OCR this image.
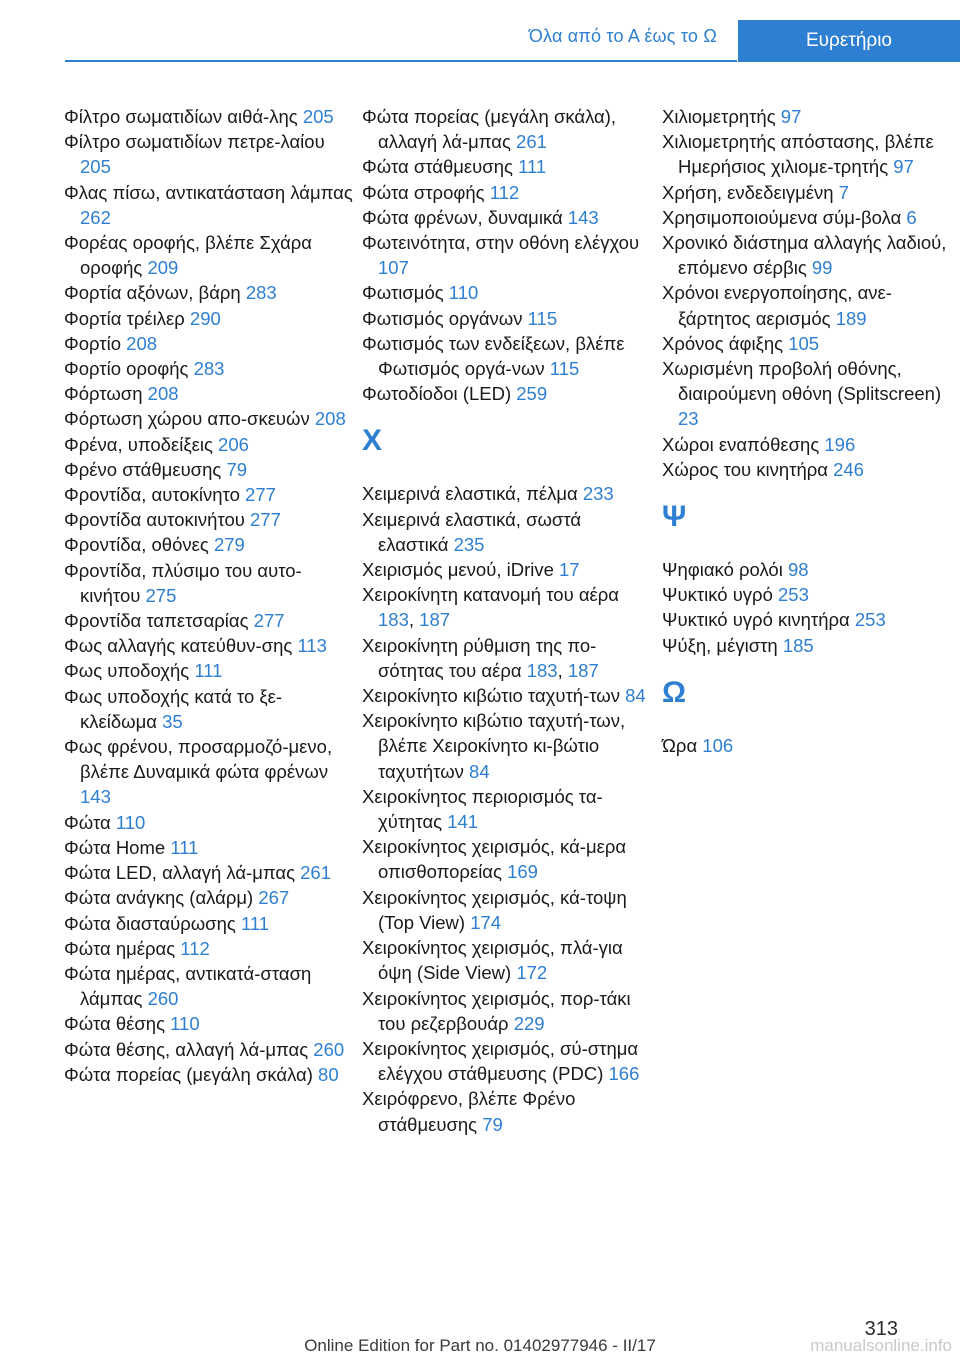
Όλα από το Α έως το Ω	Ευρετήριο
Φίλτρο σωματιδίων αιθά‐λης 205
Φίλτρο σωματιδίων πετρε‐λαίου 205
Φλας πίσω, αντικατάσταση λάμπας 262
Φορέας οροφής, βλέπε Σχάρα οροφής 209
Φορτία αξόνων, βάρη 283
Φορτία τρέιλερ 290
Φορτίο 208
Φορτίο οροφής 283
Φόρτωση 208
Φόρτωση χώρου απο‐σκευών 208
Φρένα, υποδείξεις 206
Φρένο στάθμευσης 79
Φροντίδα, αυτοκίνητο 277
Φροντίδα αυτοκινήτου 277
Φροντίδα, οθόνες 279
Φροντίδα, πλύσιμο του αυτο‐κινήτου 275
Φροντίδα ταπετσαρίας 277
Φως αλλαγής κατεύθυν‐σης 113
Φως υποδοχής 111
Φως υποδοχής κατά το ξε‐κλείδωμα 35
Φως φρένου, προσαρμοζό‐μενο, βλέπε Δυναμικά φώτα φρένων 143
Φώτα 110
Φώτα Home 111
Φώτα LED, αλλαγή λά‐μπας 261
Φώτα ανάγκης (αλάρμ) 267
Φώτα διασταύρωσης 111
Φώτα ημέρας 112
Φώτα ημέρας, αντικατά‐σταση λάμπας 260
Φώτα θέσης 110
Φώτα θέσης, αλλαγή λά‐μπας 260
Φώτα πορείας (μεγάλη σκάλα) 80
Φώτα πορείας (μεγάλη σκάλα), αλλαγή λά‐μπας 261
Φώτα στάθμευσης 111
Φώτα στροφής 112
Φώτα φρένων, δυναμικά 143
Φωτεινότητα, στην οθόνη ελέγχου 107
Φωτισμός 110
Φωτισμός οργάνων 115
Φωτισμός των ενδείξεων, βλέπε Φωτισμός οργά‐νων 115
Φωτοδίοδοι (LED) 259
Χ
Χειμερινά ελαστικά, πέλμα 233
Χειμερινά ελαστικά, σωστά ελαστικά 235
Χειρισμός μενού, iDrive 17
Χειροκίνητη κατανομή του αέρα 183, 187
Χειροκίνητη ρύθμιση της πο‐σότητας του αέρα 183, 187
Χειροκίνητο κιβώτιο ταχυτή‐των 84
Χειροκίνητο κιβώτιο ταχυτή‐των, βλέπε Χειροκίνητο κι‐βώτιο ταχυτήτων 84
Χειροκίνητος περιορισμός τα‐χύτητας 141
Χειροκίνητος χειρισμός, κά‐μερα οπισθοπορείας 169
Χειροκίνητος χειρισμός, κά‐τοψη (Top View) 174
Χειροκίνητος χειρισμός, πλά‐για όψη (Side View) 172
Χειροκίνητος χειρισμός, πορ‐τάκι του ρεζερβουάρ 229
Χειροκίνητος χειρισμός, σύ‐στημα ελέγχου στάθμευσης (PDC) 166
Χειρόφρενο, βλέπε Φρένο στάθμευσης 79
Χιλιομετρητής 97
Χιλιομετρητής απόστασης, βλέπε Ημερήσιος χιλιομε‐τρητής 97
Χρήση, ενδεδειγμένη 7
Χρησιμοποιούμενα σύμ‐βολα 6
Χρονικό διάστημα αλλαγής λαδιού, επόμενο σέρβις 99
Χρόνοι ενεργοποίησης, ανε‐ξάρτητος αερισμός 189
Χρόνος άφιξης 105
Χωρισμένη προβολή οθόνης, διαιρούμενη οθόνη (Splitscreen) 23
Χώροι εναπόθεσης 196
Χώρος του κινητήρα 246
Ψ
Ψηφιακό ρολόι 98
Ψυκτικό υγρό 253
Ψυκτικό υγρό κινητήρα 253
Ψύξη, μέγιστη 185
Ω
Ώρα 106
313
Online Edition for Part no. 01402977946 - II/17	manualsonline.info
